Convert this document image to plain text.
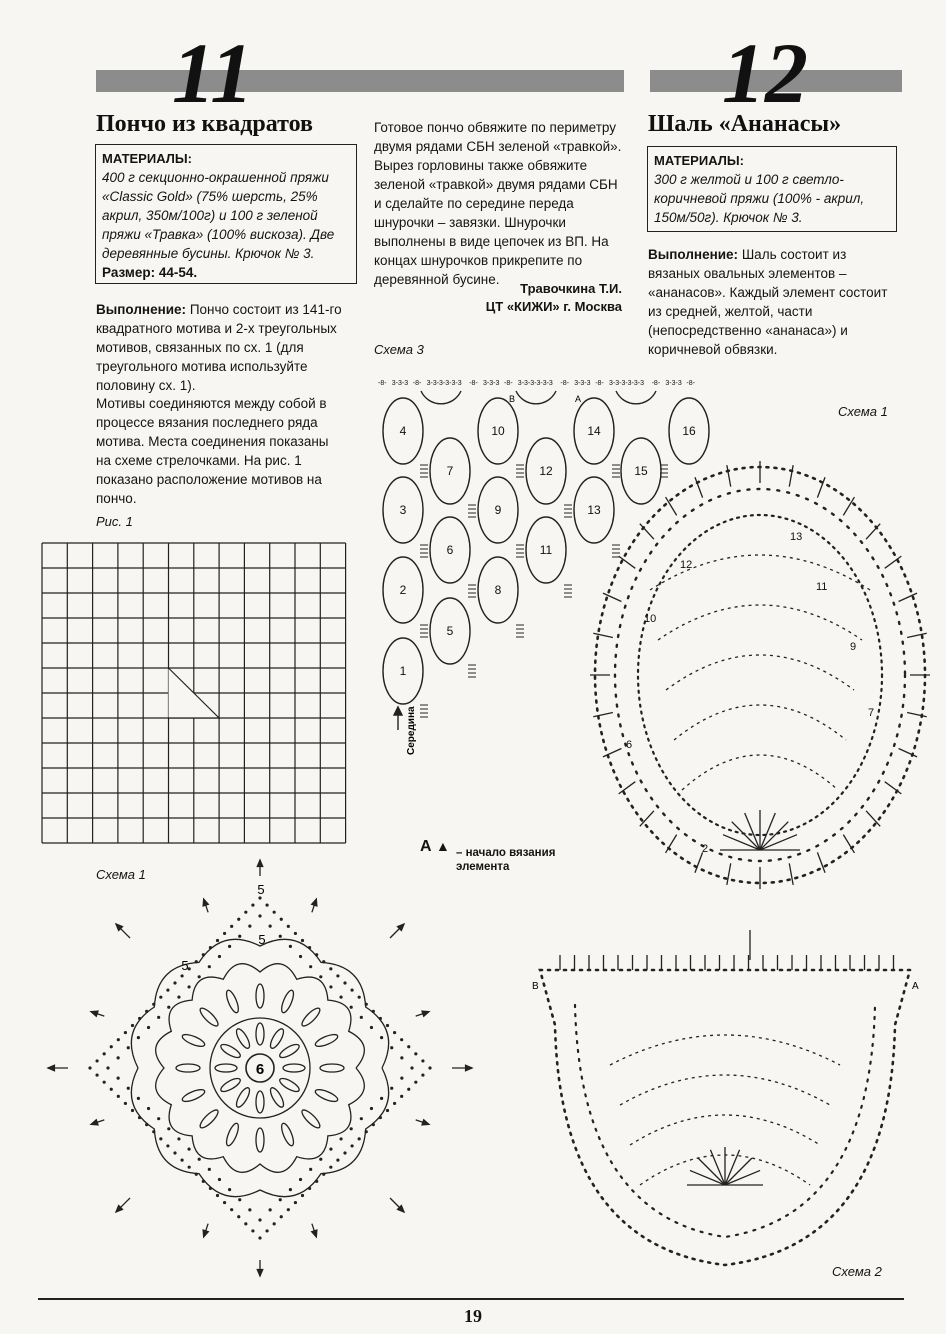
11	12
Пончо из квадратов
МАТЕРИАЛЫ:
400 г секционно-окрашенной пряжи «Classic Gold» (75% шерсть, 25% акрил, 350м/100г) и 100 г зеленой пряжи «Травка» (100% вискоза). Две деревянные бусины. Крючок № 3. Размер: 44-54.
Выполнение: Пончо состоит из 141-го квадратного мотива и 2-х треугольных мотивов, связанных по сх. 1 (для треугольного мотива используйте половину сх. 1).
Мотивы соединяются между собой в процессе вязания последнего ряда мотива. Места соединения показаны на схеме стрелочками. На рис. 1 показано расположение мотивов на пончо.
Готовое пончо обвяжите по периметру двумя рядами СБН зеленой «травкой». Вырез горловины также обвяжите зеленой «травкой» двумя рядами СБН и сделайте по середине переда шнурочки – завязки. Шнурочки выполнены в виде цепочек из ВП. На концах шнурочков прикрепите по деревянной бусине.
Травочкина Т.И.
ЦТ «КИЖИ» г. Москва
Рис. 1
Схема 1
6
5
5
5
Схема 3
1
2
3
4
5
6
7
8
9
10
11
12
13
14
15
16
-8- 3-3-3 -8- 3-3-3-3-3-3 -8- 3-3-3 -8- 3-3-3-3-3-3 -8- 3-3-3 -8- 3-3-3-3-3-3 -8- 3-3-3 -8-
B	A
Середина
A ▲ – начало вязания элемента
Шаль «Ананасы»
МАТЕРИАЛЫ:
300 г желтой и 100 г светло-коричневой пряжи (100% - акрил, 150м/50г). Крючок № 3.
Выполнение: Шаль состоит из вязаных овальных элементов – «ананасов». Каждый элемент состоит из средней, желтой, части (непосредственно «ананаса») и коричневой обвязки.
Схема 1
2
6
7
9
10
11
12
13
Схема 2
B	A
19
